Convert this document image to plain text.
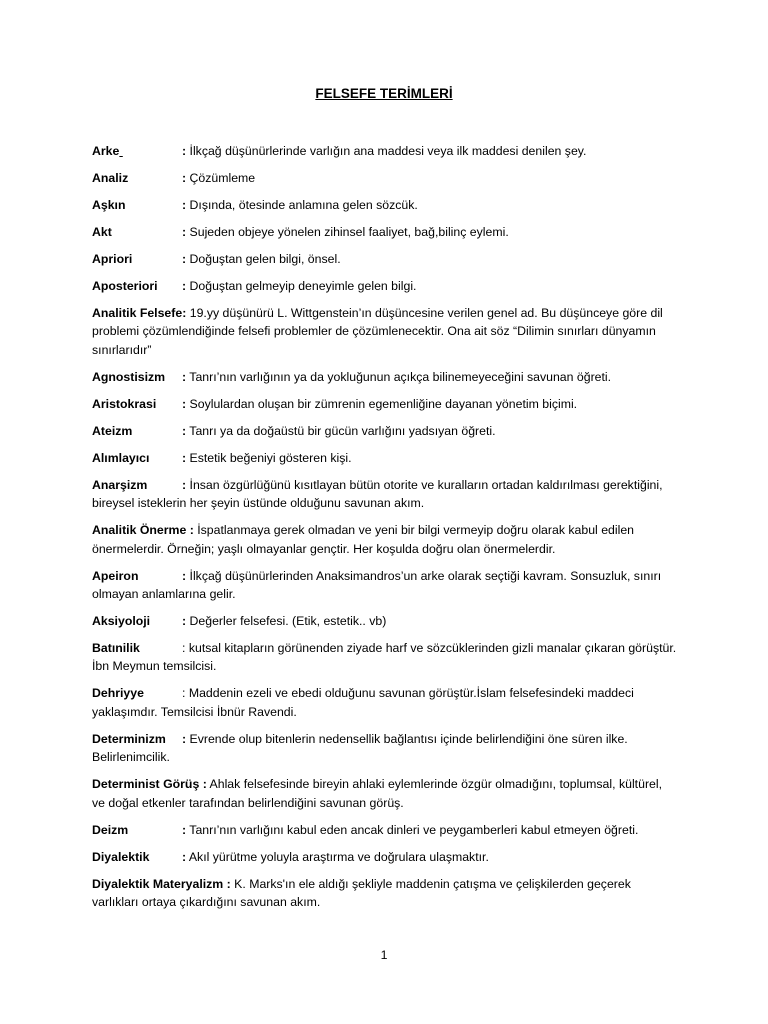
FELSEFE TERİMLERİ
Arke	: İlkçağ düşünürlerinde varlığın ana maddesi veya ilk maddesi denilen şey.
Analiz	: Çözümleme
Aşkın	: Dışında, ötesinde anlamına gelen sözcük.
Akt	: Sujeden objeye yönelen zihinsel faaliyet, bağ,bilinç eylemi.
Apriori	: Doğuştan gelen bilgi, önsel.
Aposteriori : Doğuştan gelmeyip deneyimle gelen bilgi.
Analitik Felsefe: 19.yy düşünürü L. Wittgenstein’ın düşüncesine verilen genel ad. Bu düşünceye göre dil problemi çözümlendiğinde felsefi problemler de çözümlenecektir. Ona ait söz “Dilimin sınırları dünyamın sınırlarıdır”
Agnostisizm : Tanrı’nın varlığının ya da yokluğunun açıkça bilinemeyeceğini savunan öğreti.
Aristokrasi : Soylulardan oluşan bir zümrenin egemenliğine dayanan yönetim biçimi.
Ateizm	: Tanrı ya da doğaüstü bir gücün varlığını yadsıyan öğreti.
Alımlayıcı	: Estetik beğeniyi gösteren kişi.
Anarşizm	: İnsan özgürlüğünü kısıtlayan bütün otorite ve kuralların ortadan kaldırılması gerektiğini, bireysel isteklerin her şeyin üstünde olduğunu savunan akım.
Analitik Önerme : İspatlanmaya gerek olmadan ve yeni bir bilgi vermeyip doğru olarak kabul edilen önermelerdir. Örneğin; yaşlı olmayanlar gençtir. Her koşulda doğru olan önermelerdir.
Apeiron	: İlkçağ düşünürlerinden Anaksimandros’un arke olarak seçtiği kavram. Sonsuzluk, sınırı olmayan anlamlarına gelir.
Aksiyoloji	: Değerler felsefesi. (Etik, estetik.. vb)
Batınilik	: kutsal kitapların görünenden ziyade harf ve sözcüklerinden gizli manalar çıkaran görüştür. İbn Meymun temsilcisi.
Dehriyye	: Maddenin ezeli ve ebedi olduğunu savunan görüştür.İslam felsefesindeki maddeci yaklaşımdır. Temsilcisi İbnür Ravendi.
Determinizm : Evrende olup bitenlerin nedensellik bağlantısı içinde belirlendiğini öne süren ilke. Belirlenimcilik.
Determinist Görüş : Ahlak felsefesinde bireyin ahlaki eylemlerinde özgür olmadığını, toplumsal, kültürel, ve doğal etkenler tarafından belirlendiğini savunan görüş.
Deizm	: Tanrı’nın varlığını kabul eden ancak dinleri ve peygamberleri kabul etmeyen öğreti.
Diyalektik	: Akıl yürütme yoluyla araştırma ve doğrulara ulaşmaktır.
Diyalektik Materyalizm : K. Marks'ın ele aldığı şekliyle maddenin çatışma ve çelişkilerden geçerek varlıkları ortaya çıkardığını savunan akım.
1
